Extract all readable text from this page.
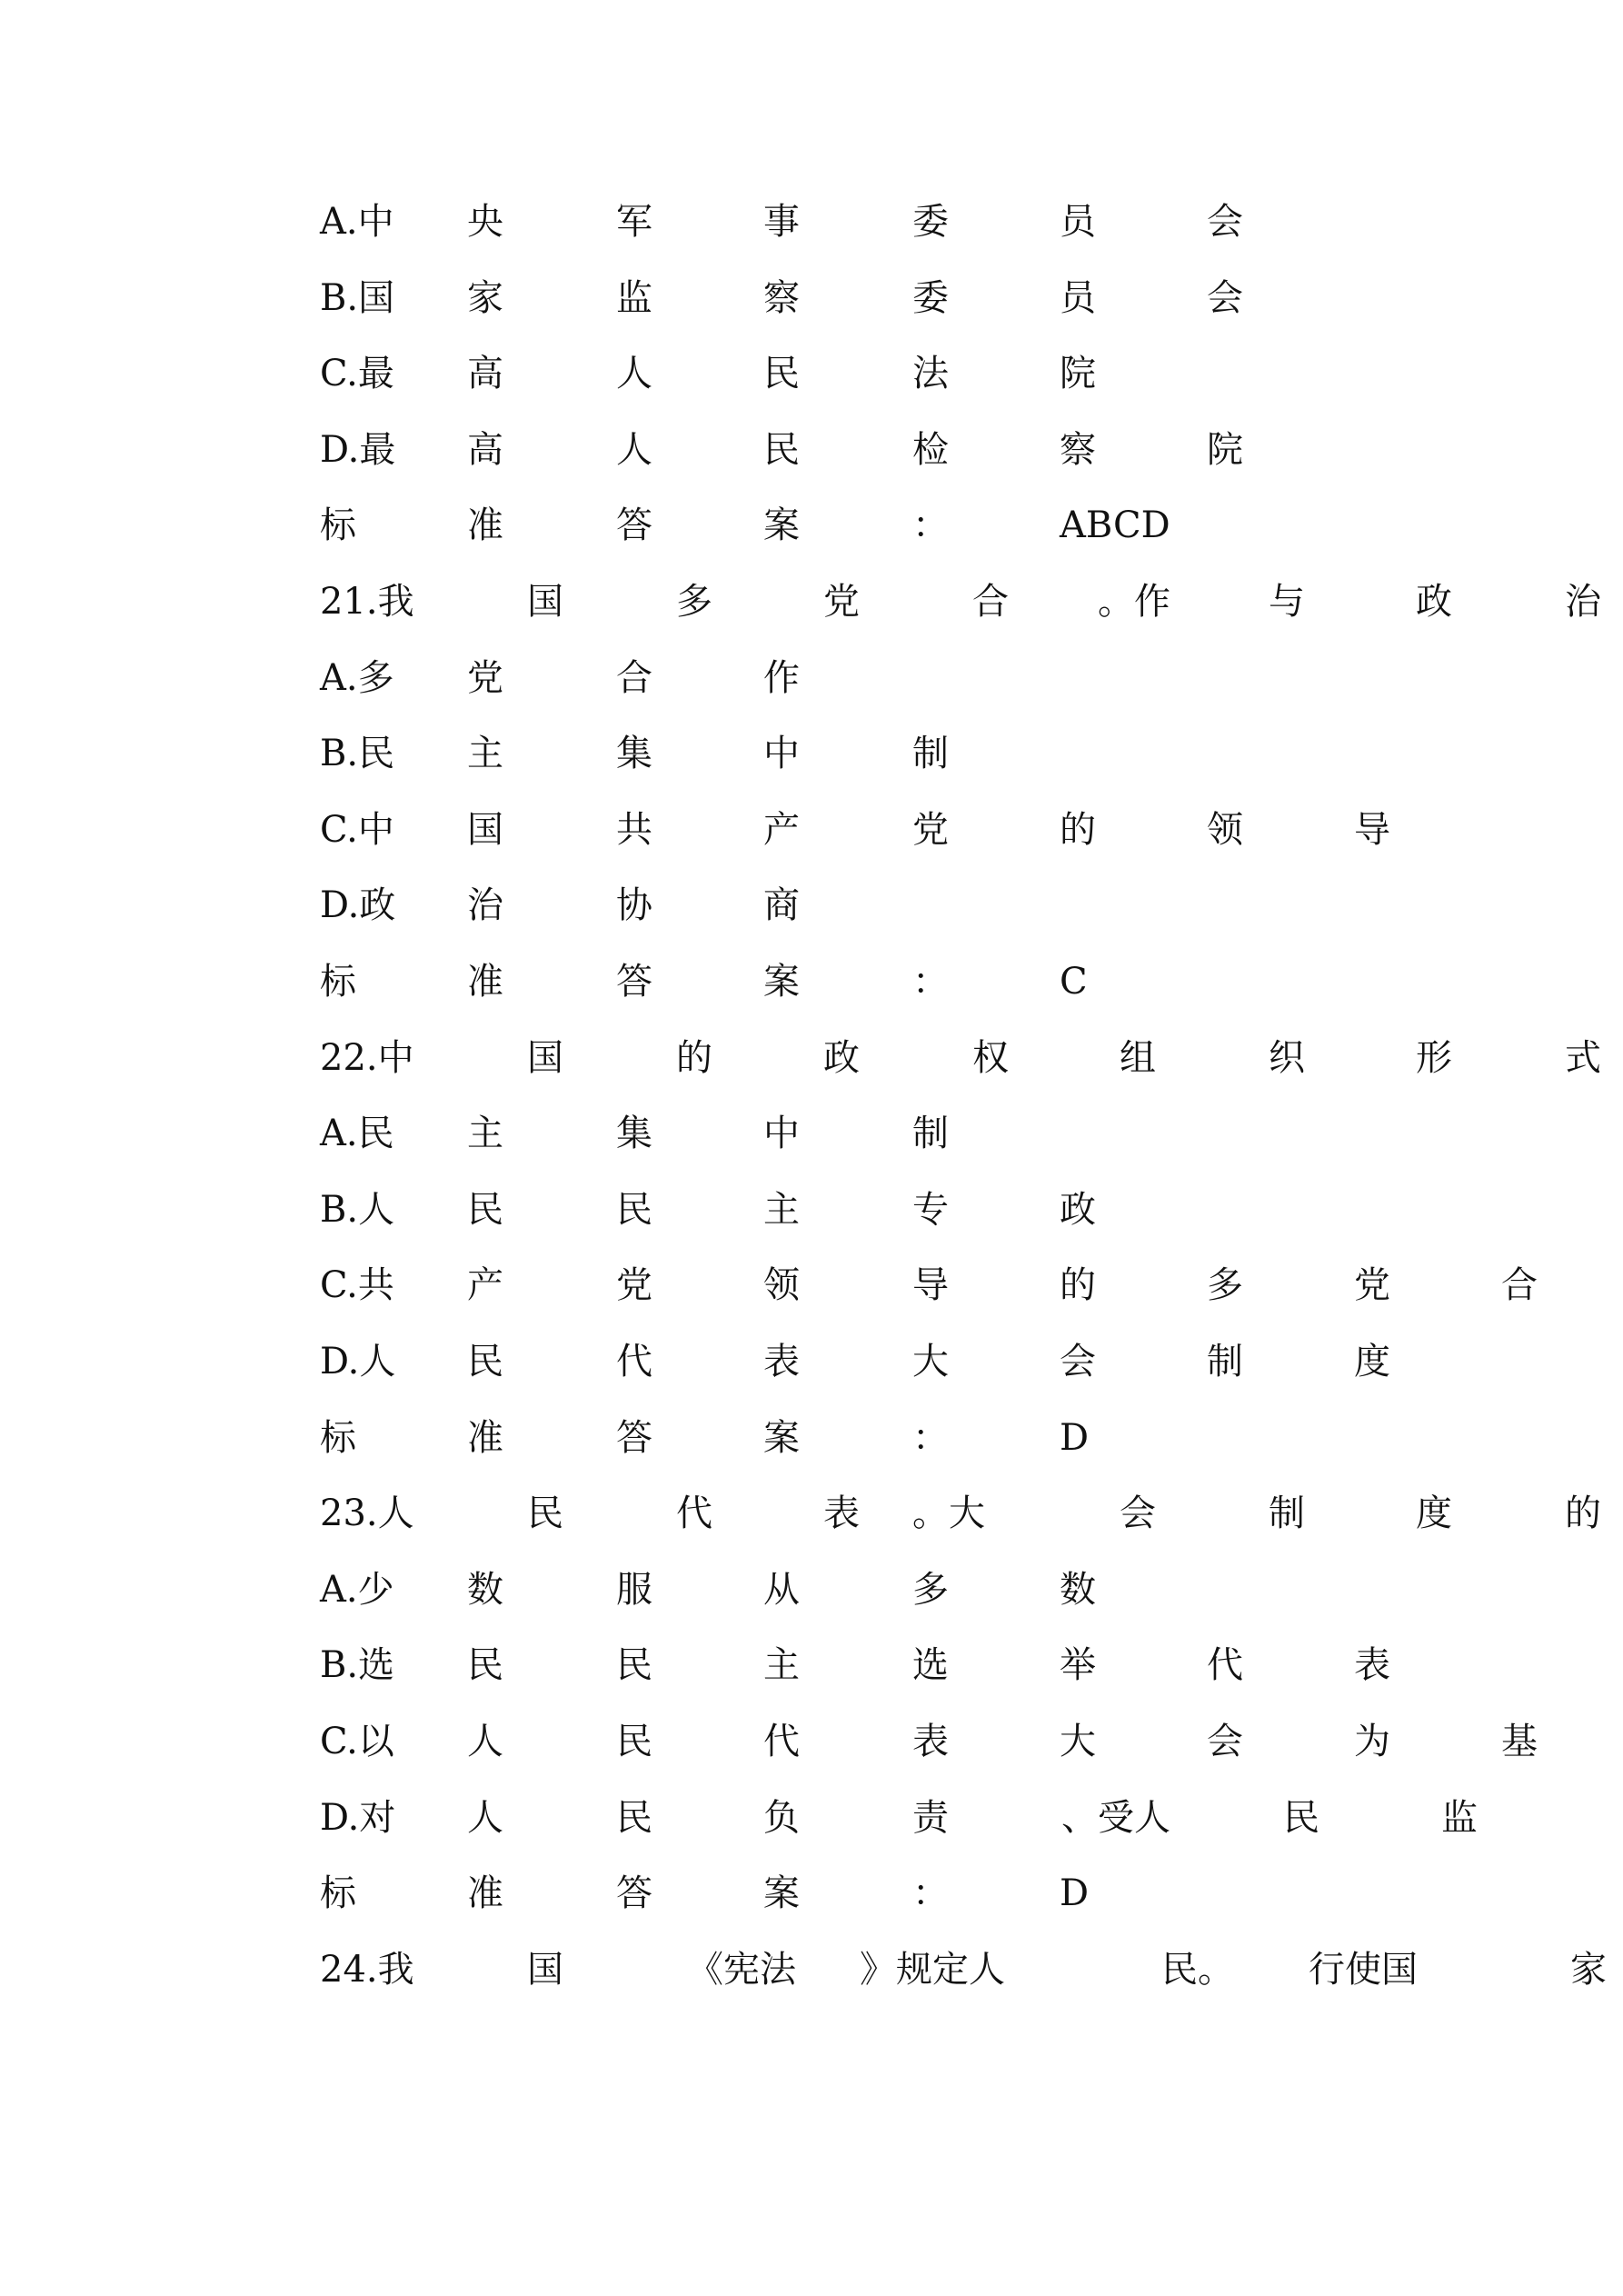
A.中 央	军	事	委	员	会
B.国 家	监	察	委	员	会
C.最 高	人	民	法	院
D.最 高	人	民	检	察	院
标	准	答	案	：	ABCD
21.我	国	多	党	合 。作	与	政	治
A.多 党	合	作
B.民 主	集	中	制
C.中 国	共	产	党	的	领	导
D.政 治	协	商
标	准	答	案	：	C
22.中	国	的	政	权	组	织	形	式
A.民 主	集	中	制
B.人 民	民	主	专	政
C.共 产	党	领	导	的	多	党	合
D.人 民	代	表	大	会	制	度
标	准	答	案	：	D
23.人	民	代	表 。大	会	制	度	的
A.少 数	服	从	多	数
B.选 民	民	主	选	举	代	表
C.以 人	民	代	表	大	会	为	基
D.对 人	民	负	责	、受人	民	监
标	准	答	案	：	D
24.我	国	《宪法 》规定人	民。 行使国	家
